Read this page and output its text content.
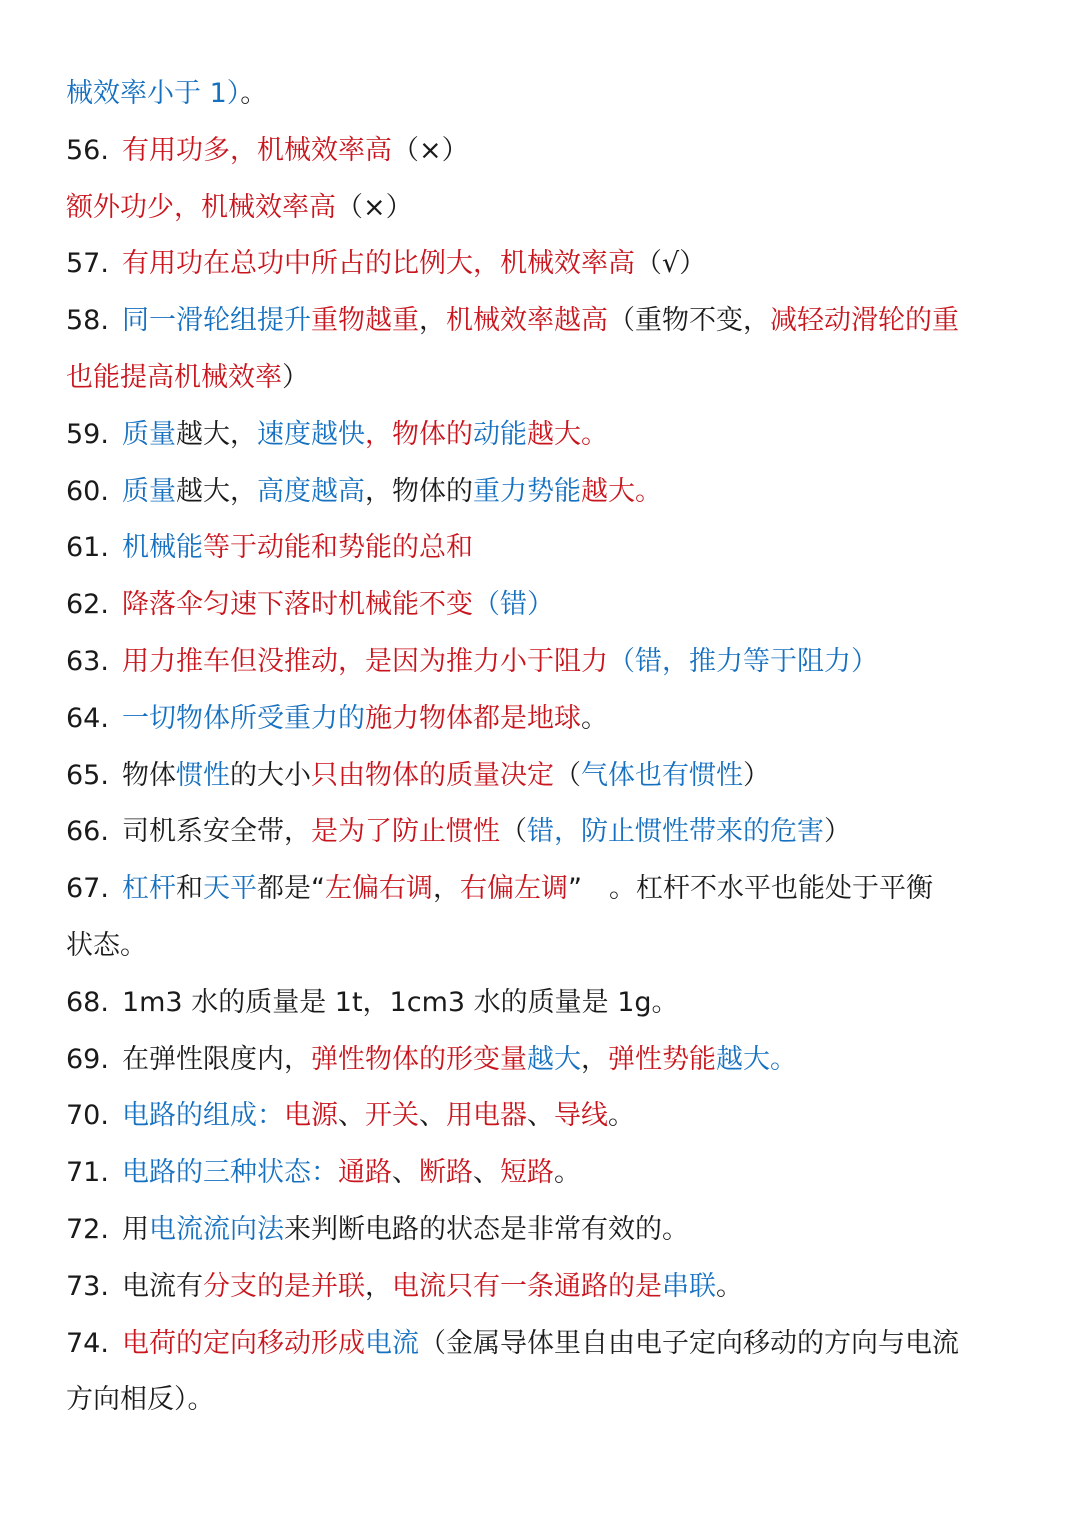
械效率小于 1）。
56. 有用功多，机械效率高（×）
额外功少，机械效率高（×）
57. 有用功在总功中所占的比例大，机械效率高（√）
58. 同一滑轮组提升重物越重，机械效率越高（重物不变，减轻动滑轮的重
也能提高机械效率）
59. 质量越大，速度越快，物体的动能越大。
60. 质量越大，高度越高，物体的重力势能越大。
61. 机械能等于动能和势能的总和
62. 降落伞匀速下落时机械能不变（错）
63. 用力推车但没推动，是因为推力小于阻力（错，推力等于阻力）
64. 一切物体所受重力的施力物体都是地球。
65. 物体惯性的大小只由物体的质量决定（气体也有惯性）
66. 司机系安全带，是为了防止惯性（错，防止惯性带来的危害）
67. 杠杆和天平都是“左偏右调，右偏左调”　。杠杆不水平也能处于平衡
状态。
68. 1m3 水的质量是 1t，1cm3 水的质量是 1g。
69. 在弹性限度内，弹性物体的形变量越大，弹性势能越大。
70. 电路的组成：电源、开关、用电器、导线。
71. 电路的三种状态：通路、断路、短路。
72. 用电流流向法来判断电路的状态是非常有效的。
73. 电流有分支的是并联，电流只有一条通路的是串联。
74. 电荷的定向移动形成电流（金属导体里自由电子定向移动的方向与电流
方向相反）。
